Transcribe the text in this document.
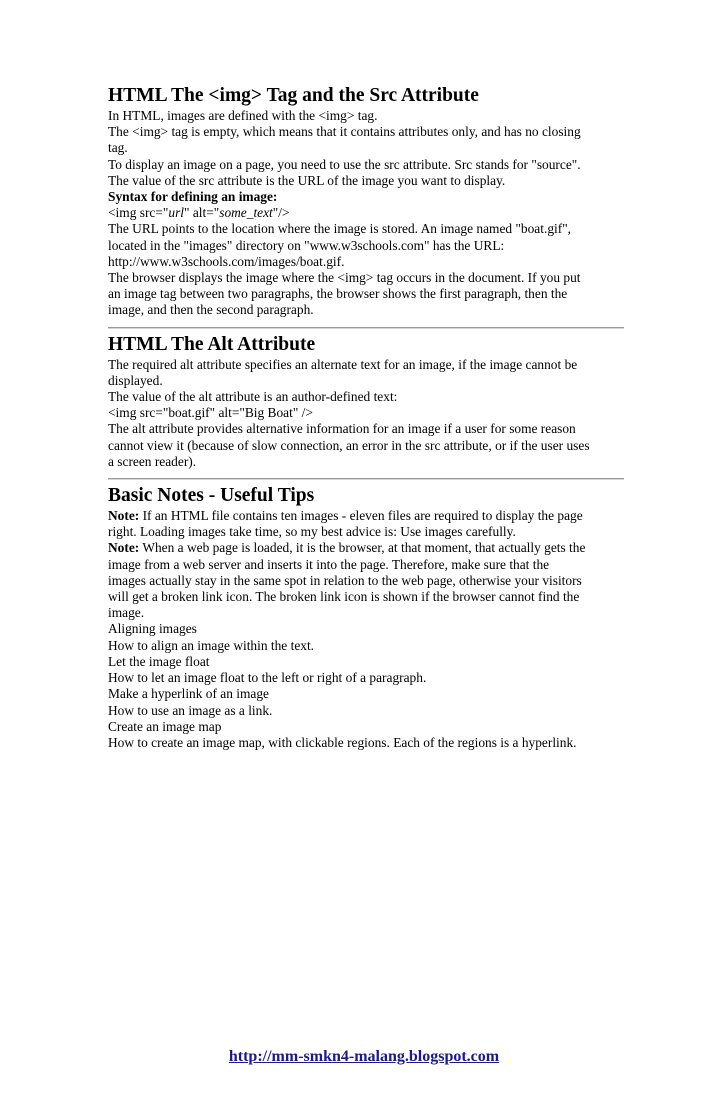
HTML The <img> Tag and the Src Attribute

In HTML, images are defined with the <img> tag.

The <img> tag is empty, which means that it contains attributes only, and has no closing

tag.

To display an image on a page, you need to use the src attribute. Src stands for "source".

The value of the src attribute is the URL of the image you want to display.

Syntax for defining an image:

<img src="url" alt="some_text"/>

The URL points to the location where the image is stored. An image named "boat.gif",

located in the "images" directory on "www.w3schools.com" has the URL:

http://www.w3schools.com/images/boat.gif.

The browser displays the image where the <img> tag occurs in the document. If you put

an image tag between two paragraphs, the browser shows the first paragraph, then the

image, and then the second paragraph.

HTML The Alt Attribute

The required alt attribute specifies an alternate text for an image, if the image cannot be

displayed.

The value of the alt attribute is an author-defined text:

<img src="boat.gif" alt="Big Boat" />

The alt attribute provides alternative information for an image if a user for some reason

cannot view it (because of slow connection, an error in the src attribute, or if the user uses

a screen reader).

Basic Notes - Useful Tips

Note: If an HTML file contains ten images - eleven files are required to display the page

right. Loading images take time, so my best advice is: Use images carefully.

Note: When a web page is loaded, it is the browser, at that moment, that actually gets the

image from a web server and inserts it into the page. Therefore, make sure that the

images actually stay in the same spot in relation to the web page, otherwise your visitors

will get a broken link icon. The broken link icon is shown if the browser cannot find the

image.

Aligning images

How to align an image within the text.

Let the image float

How to let an image float to the left or right of a paragraph.

Make a hyperlink of an image

How to use an image as a link.

Create an image map

How to create an image map, with clickable regions. Each of the regions is a hyperlink.

http://mm-smkn4-malang.blogspot.com
